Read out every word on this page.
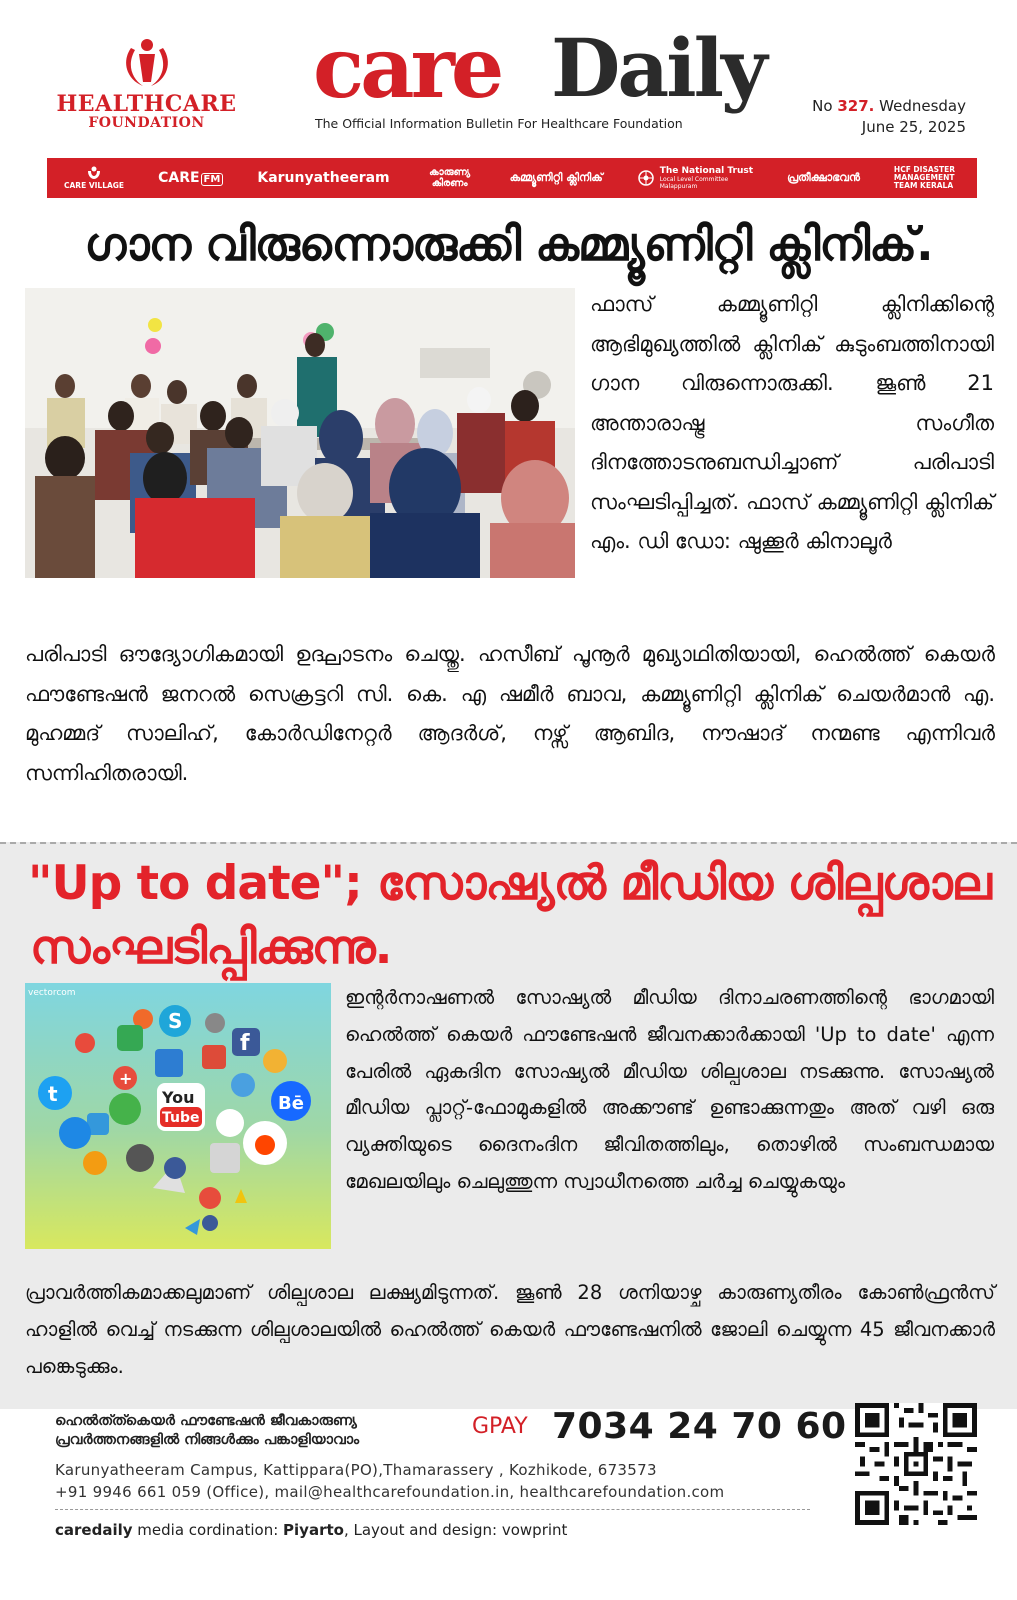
HEALTHCARE
FOUNDATION
care Daily
The Official Information Bulletin For Healthcare Foundation
No 327. Wednesday
June 25, 2025
CARE VILLAGE CARE FM	Karunyatheeram	കാരുണ്യ കിരണം	കമ്മ്യൂണിറ്റി ക്ലിനിക്	The National Trust
Local Level Committee Malappuram
പ്രതീക്ഷാഭവൻ
HCF DISASTER MANAGEMENT TEAM KERALA
ഗാന വിരുന്നൊരുക്കി കമ്മ്യൂണിറ്റി ക്ലിനിക്.
ഫാസ് കമ്മ്യൂണിറ്റി ക്ലിനിക്കിന്റെ ആഭിമുഖ്യത്തിൽ ക്ലിനിക് കുടുംബത്തിനായി ഗാന വിരുന്നൊരുക്കി. ജൂൺ 21 അന്താരാഷ്ട്ര സംഗീത ദിനത്തോടനുബന്ധിച്ചാണ് പരിപാടി സംഘടിപ്പിച്ചത്. ഫാസ് കമ്മ്യൂണിറ്റി ക്ലിനിക് എം. ഡി ഡോ: ഷുക്കൂർ കിനാലൂർ
പരിപാടി ഔദ്യോഗികമായി ഉദ്ഘാടനം ചെയ്തു. ഹസീബ് പൂനൂർ മുഖ്യാഥിതിയായി, ഹെൽത്ത് കെയർ ഫൗണ്ടേഷൻ ജനറൽ സെക്രട്ടറി സി. കെ. എ ഷമീർ ബാവ, കമ്മ്യൂണിറ്റി ക്ലിനിക് ചെയർമാൻ എ. മുഹമ്മദ് സാലിഹ്, കോർഡിനേറ്റർ ആദർശ്, നഴ്സ് ആബിദ, നൗഷാദ് നന്മണ്ട എന്നിവർ സന്നിഹിതരായി.
"Up to date"; സോഷ്യൽ മീഡിയ ശില്പശാല
സംഘടിപ്പിക്കുന്നു.
vectorcom
S
f
t
+
You
Tube
Bē
ഇന്റർനാഷണൽ സോഷ്യൽ മീഡിയ ദിനാചരണത്തിന്റെ ഭാഗമായി ഹെൽത്ത് കെയർ ഫൗണ്ടേഷൻ ജീവനക്കാർക്കായി 'Up to date' എന്ന പേരിൽ ഏകദിന സോഷ്യൽ മീഡിയ ശില്പശാല നടക്കുന്നു. സോഷ്യൽ മീഡിയ പ്ലാറ്റ്-ഫോമുകളിൽ അക്കൗണ്ട് ഉണ്ടാക്കുന്നതും അത് വഴി ഒരു വ്യക്തിയുടെ ദൈനംദിന ജീവിതത്തിലും, തൊഴിൽ സംബന്ധമായ മേഖലയിലും ചെലുത്തുന്ന സ്വാധീനത്തെ ചർച്ച ചെയ്യുകയും
പ്രാവർത്തികമാക്കലുമാണ് ശില്പശാല ലക്ഷ്യമിടുന്നത്. ജൂൺ 28 ശനിയാഴ്ച കാരുണ്യതീരം കോൺഫ്രൻസ് ഹാളിൽ വെച്ച് നടക്കുന്ന ശില്പശാലയിൽ ഹെൽത്ത് കെയർ ഫൗണ്ടേഷനിൽ ജോലി ചെയ്യുന്ന 45 ജീവനക്കാർ പങ്കെടുക്കും.
ഹെൽത്ത്കെയർ ഫൗണ്ടേഷൻ ജീവകാരുണ്യ
പ്രവർത്തനങ്ങളിൽ നിങ്ങൾക്കും പങ്കാളിയാവാം
GPAY 7034 24 70 60
Karunyatheeram Campus, Kattippara(PO),Thamarassery , Kozhikode, 673573
+91 9946 661 059 (Office), mail@healthcarefoundation.in, healthcarefoundation.com
caredaily media cordination: Piyarto, Layout and design: vowprint
